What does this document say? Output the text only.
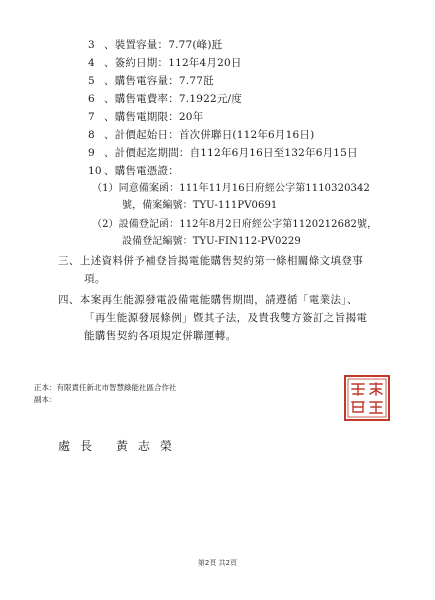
3 、裝置容量：7.77(峰)瓩
4 、簽約日期：112年4月20日
5 、購售電容量：7.77瓩
6 、購售電費率：7.1922元/度
7 、購售電期限：20年
8 、計價起始日：首次併聯日(112年6月16日)
9 、計價起迄期間：自112年6月16日至132年6月15日
10 、購售電憑證：
（1）同意備案函：111年11月16日府經公字第1110320342
號，備案編號：TYU-111PV0691
（2）設備登記函：112年8月2日府經公字第1120212682號，
設備登記編號：TYU-FIN112-PV0229
三、上述資料併予補登旨揭電能購售契約第一條相關條文填登事
項。
四、本案再生能源發電設備電能購售期間，請遵循「電業法」、
「再生能源發展條例」暨其子法，及貴我雙方簽訂之旨揭電
能購售契約各項規定併聯運轉。
正本：有限責任新北市智慧綠能社區合作社
副本：
處長 黃志榮
第2頁 共2頁
